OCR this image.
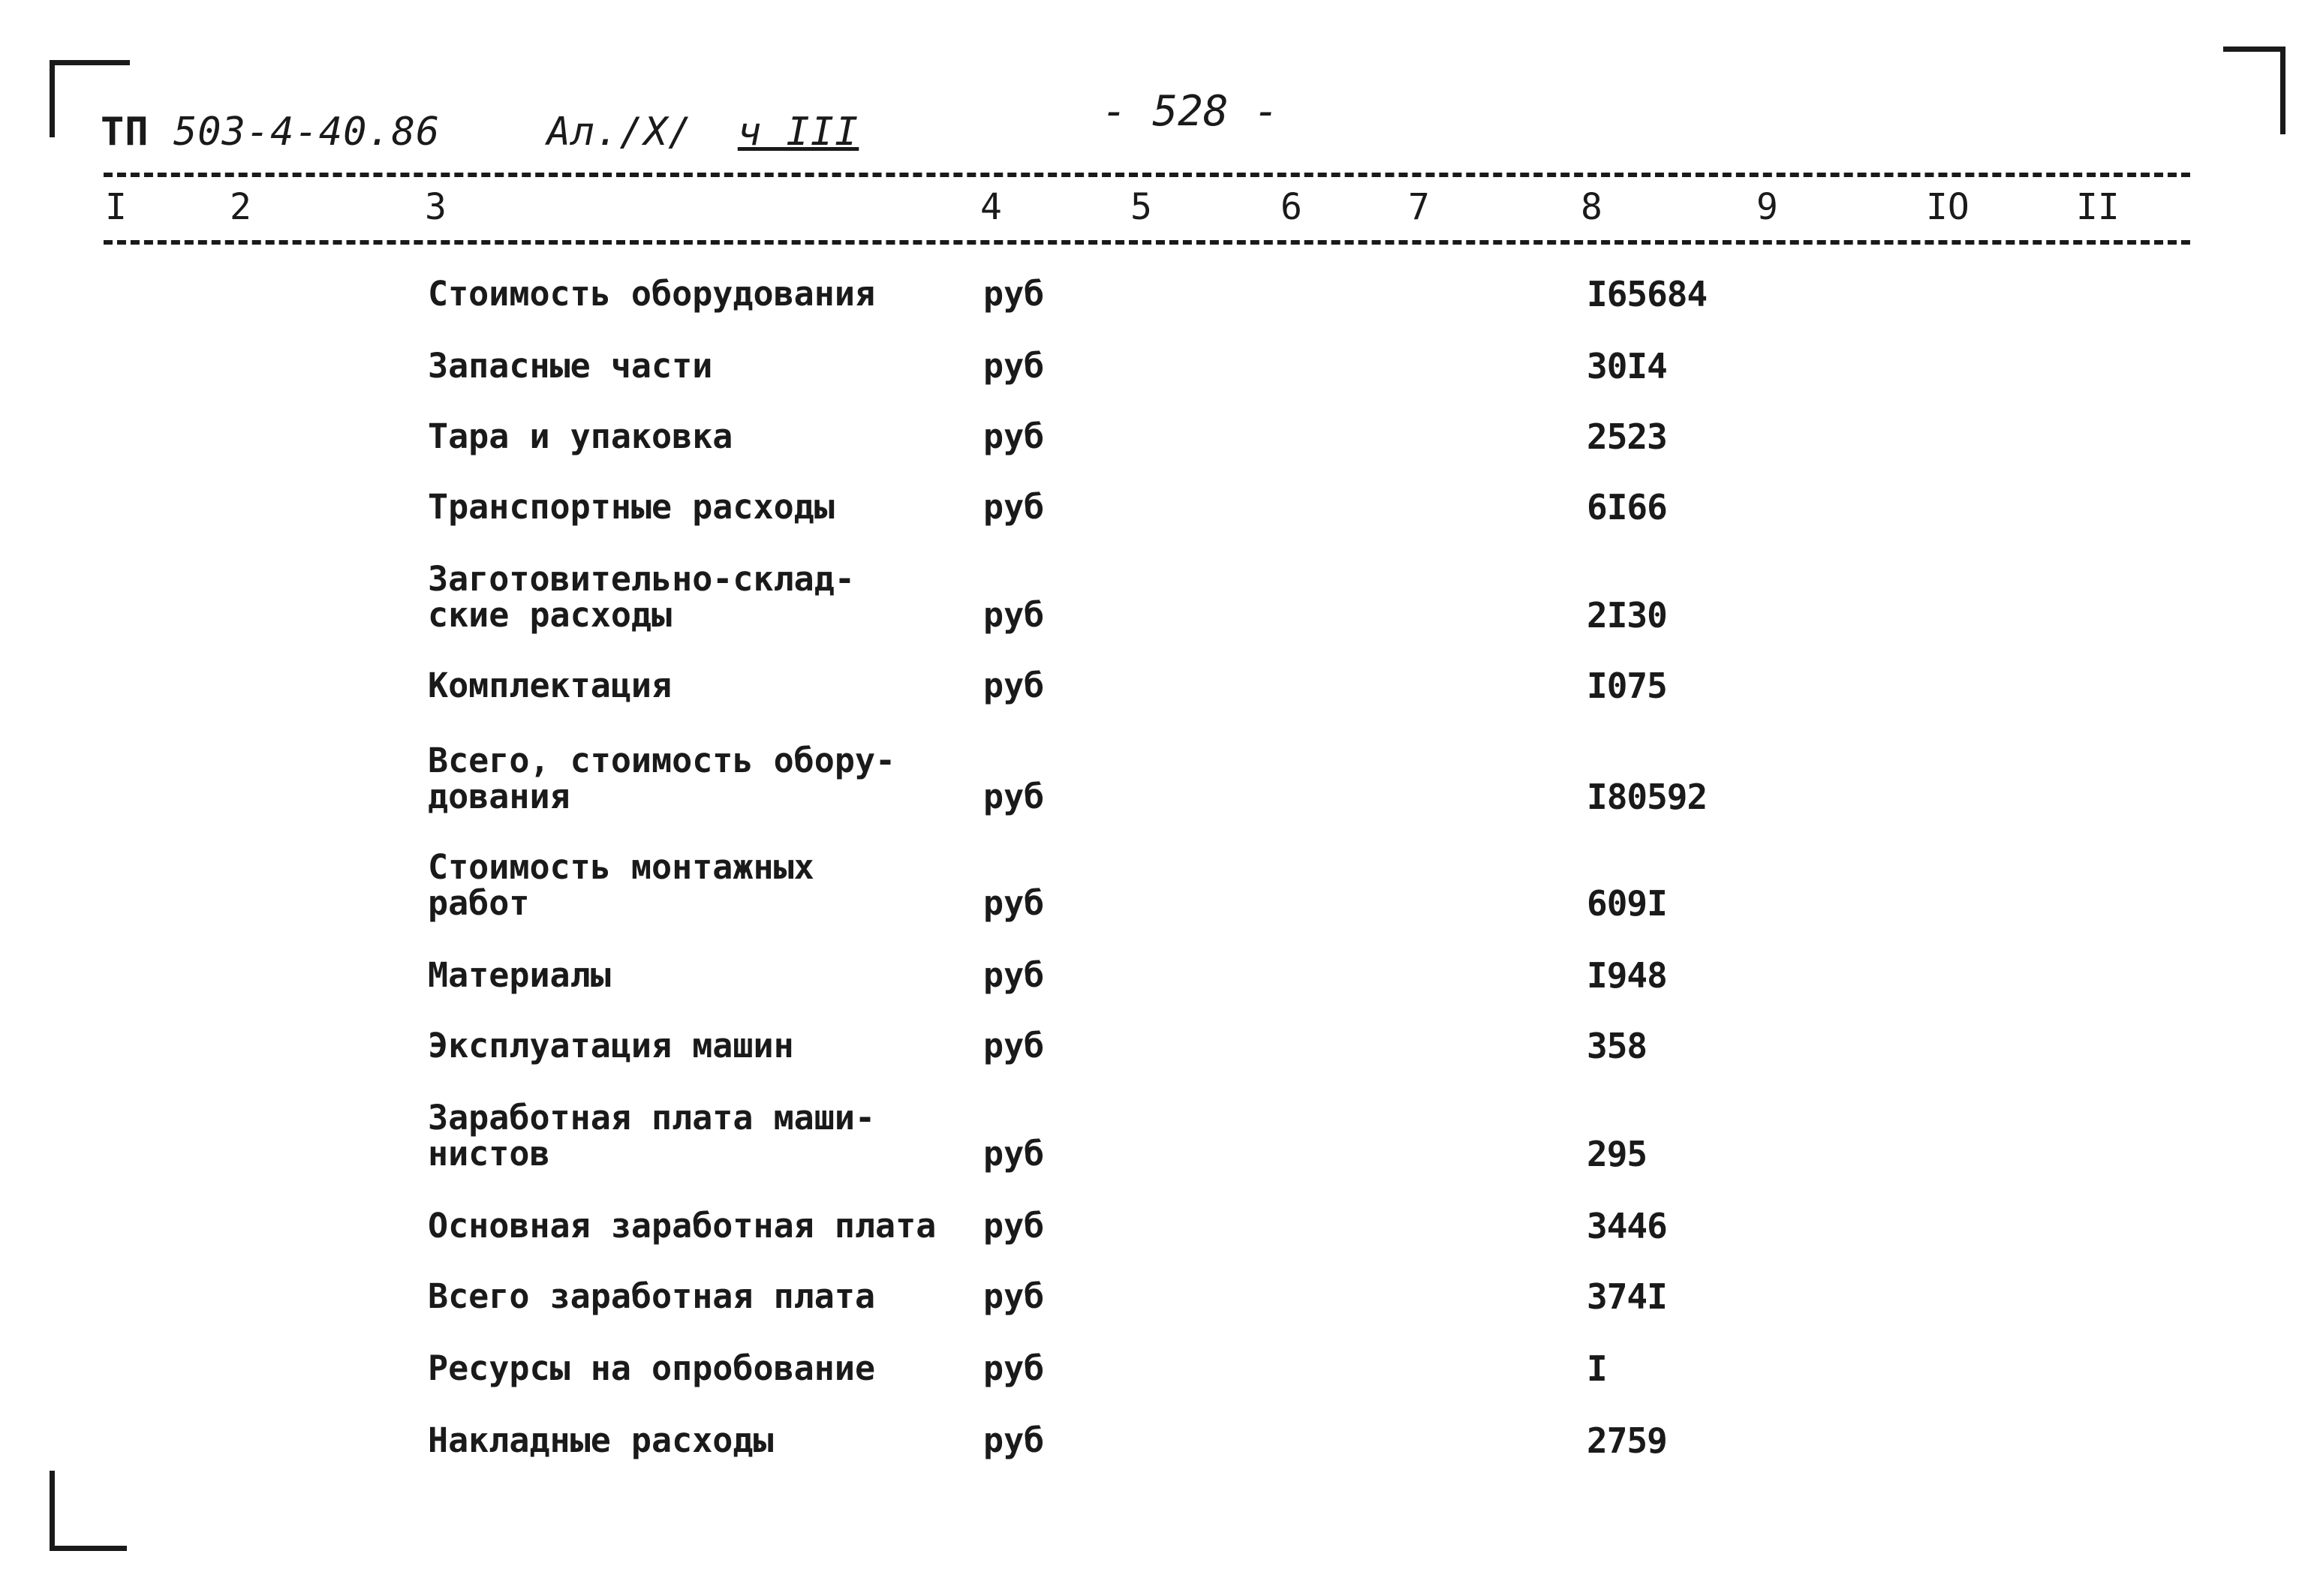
ТП 503-4-40.86	Ал./X/ ч III	- 528 -
I	2	3	4	5	6	7	8	9	IO	II
Стоимость оборудования	руб	I65684
Запасные части	руб	30I4
Тара и упаковка	руб	2523
Транспортные расходы	руб	6I66
Заготовительно-склад-
ские расходы	руб	2I30
Комплектация	руб	I075
Всего, стоимость обору-
дования	руб	I80592
Стоимость монтажных
работ	руб	609I
Материалы	руб	I948
Эксплуатация машин	руб	358
Заработная плата маши-
нистов	руб	295
Основная заработная плата	руб	3446
Всего заработная плата	руб	374I
Ресурсы на опробование	руб	I
Накладные расходы	руб	2759
